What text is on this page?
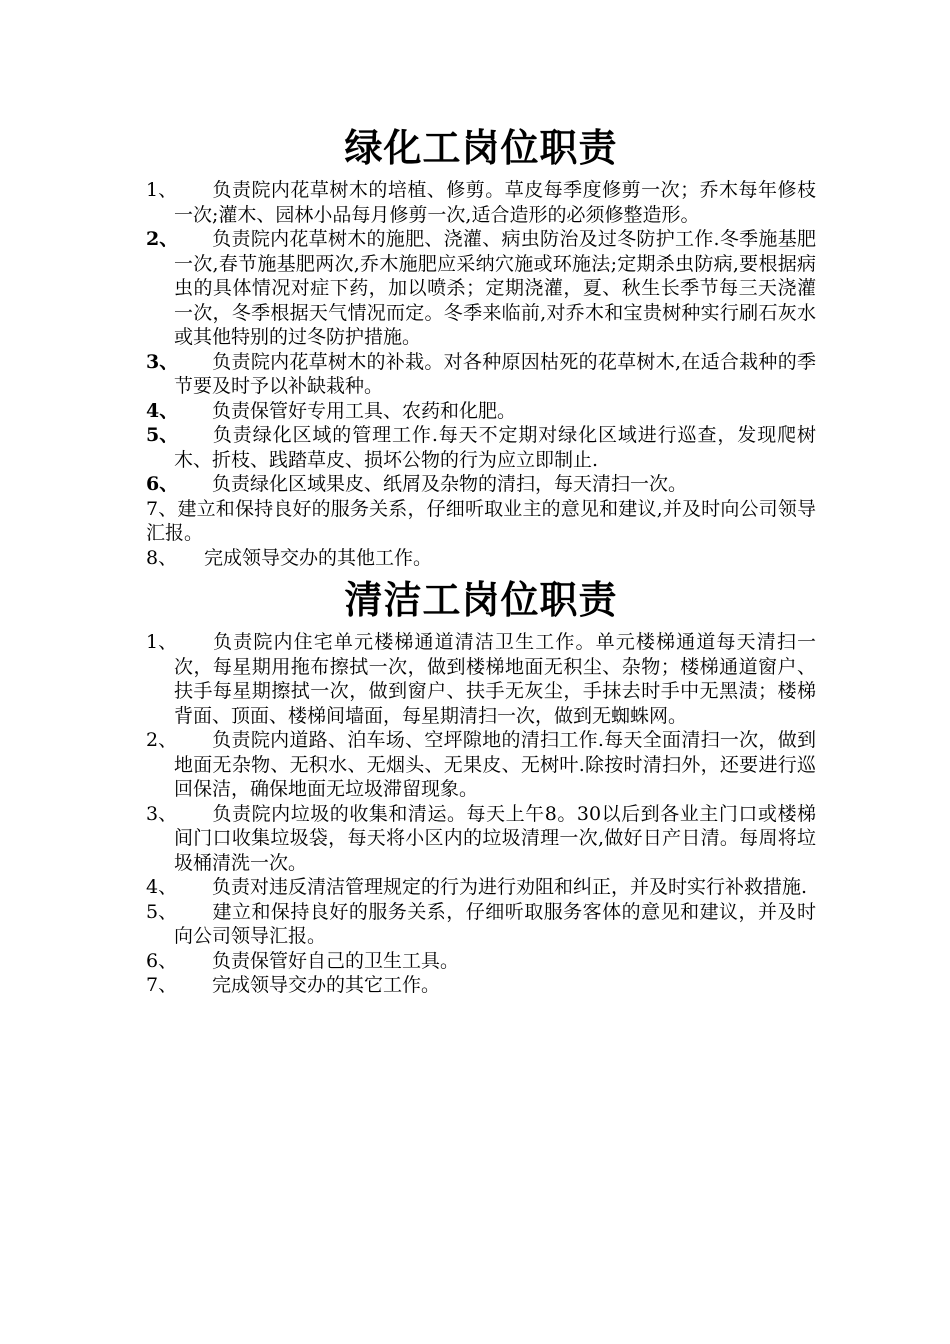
绿化工岗位职责

1、	负责院内花草树木的培植、修剪。草皮每季度修剪一次；乔木每年修枝一次;灌木、园林小品每月修剪一次,适合造形的必须修整造形。

2、	负责院内花草树木的施肥、浇灌、病虫防治及过冬防护工作.冬季施基肥一次,春节施基肥两次,乔木施肥应采纳穴施或环施法;定期杀虫防病,要根据病虫的具体情况对症下药，加以喷杀；定期浇灌，夏、秋生长季节每三天浇灌一次，冬季根据天气情况而定。冬季来临前,对乔木和宝贵树种实行刷石灰水或其他特别的过冬防护措施。

3、	负责院内花草树木的补栽。对各种原因枯死的花草树木,在适合栽种的季节要及时予以补缺栽种。

4、	负责保管好专用工具、农药和化肥。

5、	负责绿化区域的管理工作.每天不定期对绿化区域进行巡查，发现爬树木、折枝、践踏草皮、损坏公物的行为应立即制止.

6、	负责绿化区域果皮、纸屑及杂物的清扫，每天清扫一次。

7、建立和保持良好的服务关系，仔细听取业主的意见和建议,并及时向公司领导汇报。

8、	完成领导交办的其他工作。

清洁工岗位职责

1、	负责院内住宅单元楼梯通道清洁卫生工作。单元楼梯通道每天清扫一次，每星期用拖布擦拭一次，做到楼梯地面无积尘、杂物；楼梯通道窗户、扶手每星期擦拭一次，做到窗户、扶手无灰尘，手抹去时手中无黑渍；楼梯背面、顶面、楼梯间墙面，每星期清扫一次，做到无蜘蛛网。

2、	负责院内道路、泊车场、空坪隙地的清扫工作.每天全面清扫一次，做到地面无杂物、无积水、无烟头、无果皮、无树叶.除按时清扫外，还要进行巡回保洁，确保地面无垃圾滞留现象。

3、	负责院内垃圾的收集和清运。每天上午8。30以后到各业主门口或楼梯间门口收集垃圾袋，每天将小区内的垃圾清理一次,做好日产日清。每周将垃圾桶清洗一次。

4、	负责对违反清洁管理规定的行为进行劝阻和纠正，并及时实行补救措施.

5、	建立和保持良好的服务关系，仔细听取服务客体的意见和建议，并及时向公司领导汇报。

6、	负责保管好自己的卫生工具。

7、	完成领导交办的其它工作。
